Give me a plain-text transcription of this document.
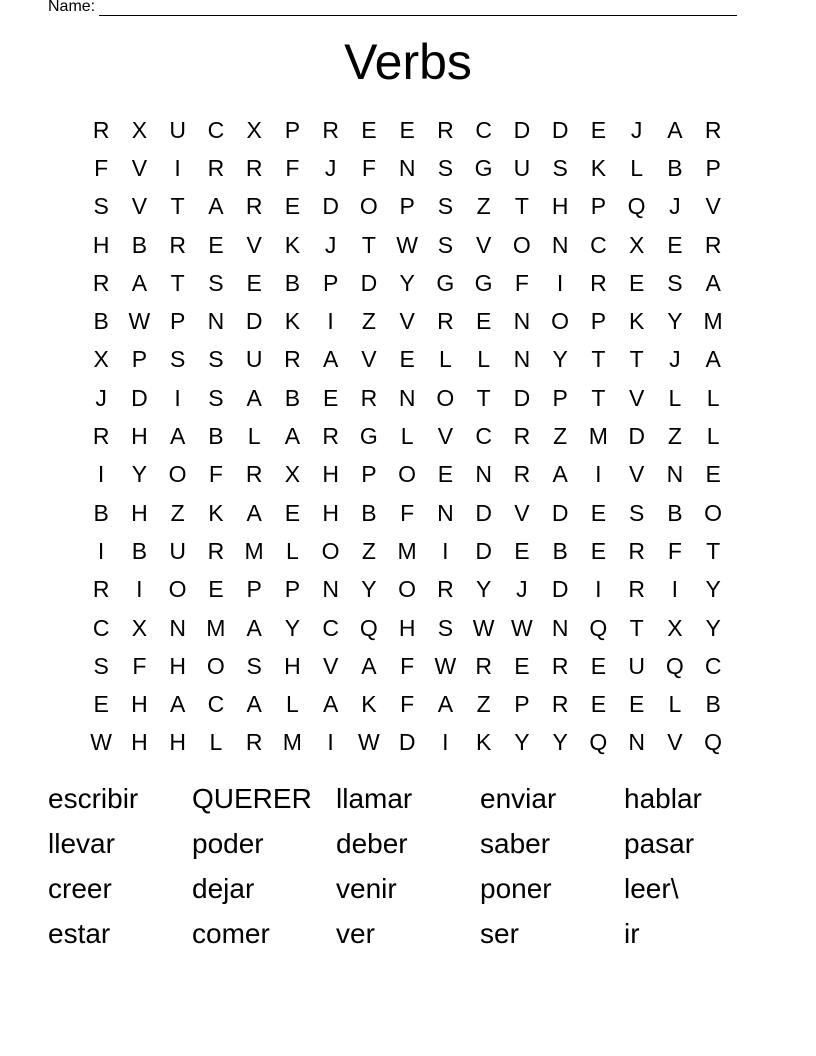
Name:
Verbs
R X U C X P R E E R C D D E	J	A R
F	V	I	R R F	J	F N S G U S K	L	B P
S V	T	A R E D O P S	Z	T H P Q	J	V
H B R E V K	J	T W S V O N C X E R
R A	T	S E B P D Y G G F	I	R E S A
B W P N D K	I	Z	V R E N O P K Y M
X P S S U R A V E	L	L	N Y	T	T	J	A
J	D	I	S A B E R N O T D P	T	V	L	L
R H A B	L	A R G L	V C R Z M D Z	L
I	Y O F R X H P O E N R A	I	V N E
B H Z	K A E H B	F N D V D E S B O
I	B U R M L O Z M	I	D E B E R F	T
R	I	O E P P N Y O R Y	J	D	I	R	I	Y
C X N M A Y C Q H S W W N Q T	X Y
S	F H O S H V A	F W R E R E U Q C
E H A C A	L	A K	F	A	Z	P R E E	L	B
W H H	L	R M	I	W D	I	K Y Y Q N V Q
escribir	QUERER llamar	enviar	hablar
llevar	poder	deber	saber	pasar
creer	dejar	venir	poner	leer\
estar	comer	ver	ser	ir
